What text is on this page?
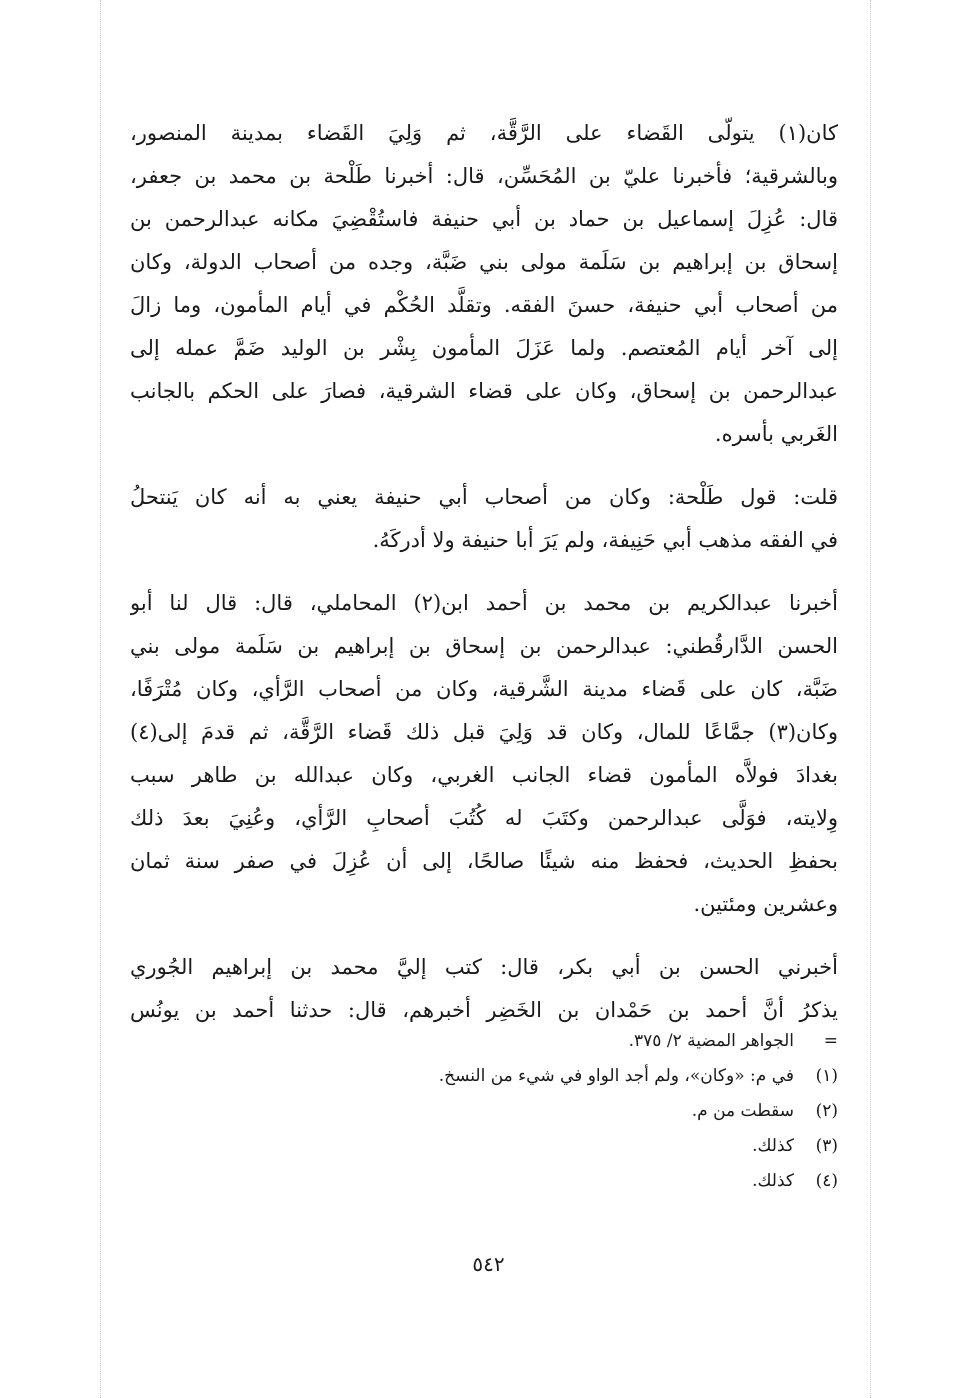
كان(١) يتولّى القَضاء على الرَّقَّة، ثم وَلِيَ القَضاء بمدينة المنصور،
وبالشرقية؛ فأخبرنا عليّ بن المُحَسِّن، قال: أخبرنا طَلْحة بن محمد بن جعفر،
قال: عُزِلَ إسماعيل بن حماد بن أبي حنيفة فاستُقْضِيَ مكانه عبدالرحمن بن
إسحاق بن إبراهيم بن سَلَمة مولى بني ضَبَّة، وجده من أصحاب الدولة، وكان
من أصحاب أبي حنيفة، حسنَ الفقه. وتقلَّد الحُكْم في أيام المأمون، وما زالَ
إلى آخر أيام المُعتصم. ولما عَزَلَ المأمون بِشْر بن الوليد ضَمَّ عمله إلى
عبدالرحمن بن إسحاق، وكان على قضاء الشرقية، فصارَ على الحكم بالجانب
الغَربي بأسره.

قلت: قول طَلْحة: وكان من أصحاب أبي حنيفة يعني به أنه كان يَنتحلُ
في الفقه مذهب أبي حَنِيفة، ولم يَرَ أبا حنيفة ولا أدركَهُ.

أخبرنا عبدالكريم بن محمد بن أحمد ابن(٢) المحاملي، قال: قال لنا أبو
الحسن الدَّارقُطني: عبدالرحمن بن إسحاق بن إبراهيم بن سَلَمة مولى بني
ضَبَّة، كان على قَضاء مدينة الشَّرقية، وكان من أصحاب الرَّأي، وكان مُتْرَفًا،
وكان(٣) جمَّاعًا للمال، وكان قد وَلِيَ قبل ذلك قَضاء الرَّقَّة، ثم قدمَ إلى(٤)
بغدادَ فولاَّه المأمون قضاء الجانب الغربي، وكان عبدالله بن طاهر سبب
وِلايته، فوَلَّى عبدالرحمن وكتَبَ له كُتُبَ أصحابِ الرَّأي، وعُنِيَ بعدَ ذلك
بحفظِ الحديث، فحفظ منه شيئًا صالحًا، إلى أن عُزِلَ في صفر سنة ثمان
وعشرين ومئتين.

أخبرني الحسن بن أبي بكر، قال: كتب إليَّ محمد بن إبراهيم الجُوري
يذكرُ أنَّ أحمد بن حَمْدان بن الخَضِر أخبرهم، قال: حدثنا أحمد بن يونُس

=الجواهر المضية ٢/ ٣٧٥.
(١)في م: «وكان»، ولم أجد الواو في شيء من النسخ.
(٢)سقطت من م.
(٣)كذلك.
(٤)كذلك.
٥٤٢
